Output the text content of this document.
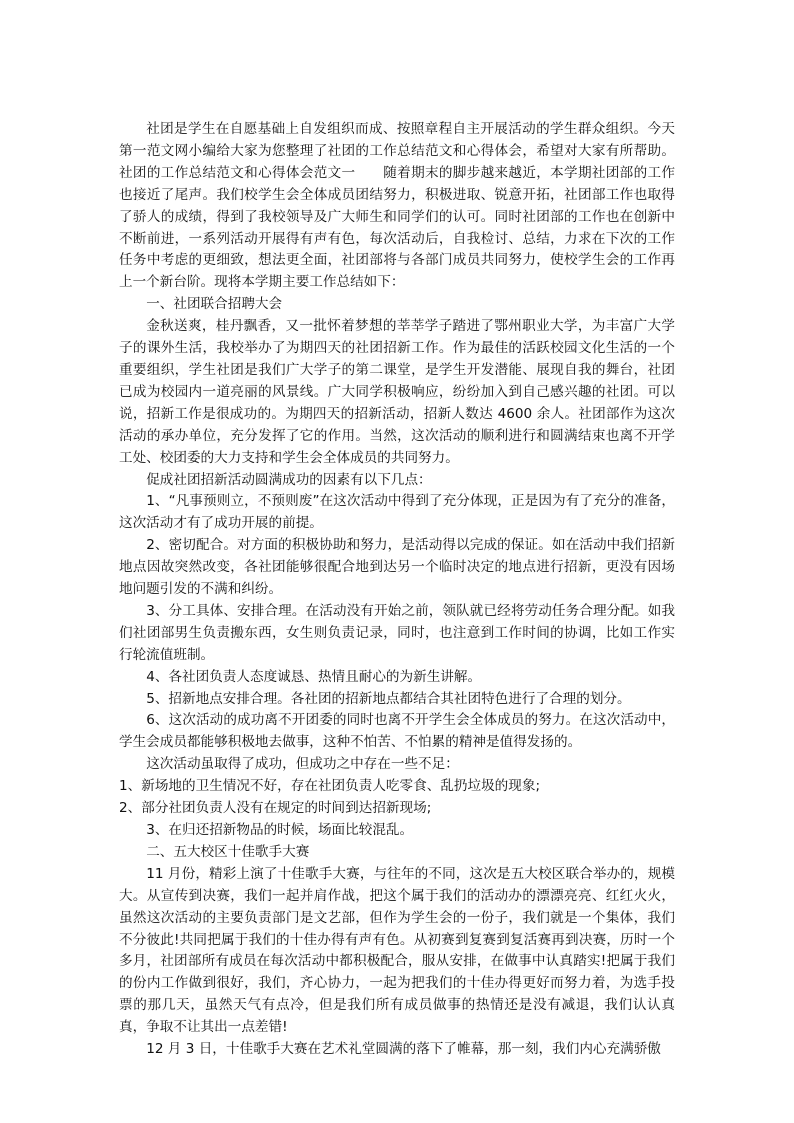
社团是学生在自愿基础上自发组织而成、按照章程自主开展活动的学生群众组织。今天第一范文网小编给大家为您整理了社团的工作总结范文和心得体会，希望对大家有所帮助。社团的工作总结范文和心得体会范文一　　随着期末的脚步越来越近，本学期社团部的工作也接近了尾声。我们校学生会全体成员团结努力，积极进取、锐意开拓，社团部工作也取得了骄人的成绩，得到了我校领导及广大师生和同学们的认可。同时社团部的工作也在创新中不断前进，一系列活动开展得有声有色，每次活动后，自我检讨、总结，力求在下次的工作任务中考虑的更细致，想法更全面，社团部将与各部门成员共同努力，使校学生会的工作再上一个新台阶。现将本学期主要工作总结如下：

一、社团联合招聘大会

金秋送爽，桂丹飘香，又一批怀着梦想的莘莘学子踏进了鄂州职业大学，为丰富广大学子的课外生活，我校举办了为期四天的社团招新工作。作为最佳的活跃校园文化生活的一个重要组织，学生社团是我们广大学子的第二课堂，是学生开发潜能、展现自我的舞台，社团已成为校园内一道亮丽的风景线。广大同学积极响应，纷纷加入到自己感兴趣的社团。可以说，招新工作是很成功的。为期四天的招新活动，招新人数达 4600 余人。社团部作为这次活动的承办单位，充分发挥了它的作用。当然，这次活动的顺利进行和圆满结束也离不开学工处、校团委的大力支持和学生会全体成员的共同努力。

促成社团招新活动圆满成功的因素有以下几点：

1、“凡事预则立，不预则废”在这次活动中得到了充分体现，正是因为有了充分的准备，这次活动才有了成功开展的前提。

2、密切配合。对方面的积极协助和努力，是活动得以完成的保证。如在活动中我们招新地点因故突然改变，各社团能够很配合地到达另一个临时决定的地点进行招新，更没有因场地问题引发的不满和纠纷。

3、分工具体、安排合理。在活动没有开始之前，领队就已经将劳动任务合理分配。如我们社团部男生负责搬东西，女生则负责记录，同时，也注意到工作时间的协调，比如工作实行轮流值班制。

4、各社团负责人态度诚恳、热情且耐心的为新生讲解。

5、招新地点安排合理。各社团的招新地点都结合其社团特色进行了合理的划分。

6、这次活动的成功离不开团委的同时也离不开学生会全体成员的努力。在这次活动中，学生会成员都能够积极地去做事，这种不怕苦、不怕累的精神是值得发扬的。

这次活动虽取得了成功，但成功之中存在一些不足：

1、新场地的卫生情况不好，存在社团负责人吃零食、乱扔垃圾的现象;

2、部分社团负责人没有在规定的时间到达招新现场;

3、在归还招新物品的时候，场面比较混乱。

二、五大校区十佳歌手大赛

11 月份，精彩上演了十佳歌手大赛，与往年的不同，这次是五大校区联合举办的，规模大。从宣传到决赛，我们一起并肩作战，把这个属于我们的活动办的漂漂亮亮、红红火火，虽然这次活动的主要负责部门是文艺部，但作为学生会的一份子，我们就是一个集体，我们不分彼此!共同把属于我们的十佳办得有声有色。从初赛到复赛到复活赛再到决赛，历时一个多月，社团部所有成员在每次活动中都积极配合，服从安排，在做事中认真踏实!把属于我们的份内工作做到很好，我们，齐心协力，一起为把我们的十佳办得更好而努力着，为选手投票的那几天，虽然天气有点冷，但是我们所有成员做事的热情还是没有减退，我们认认真真，争取不让其出一点差错!

12 月 3 日，十佳歌手大赛在艺术礼堂圆满的落下了帷幕，那一刻，我们内心充满骄傲
